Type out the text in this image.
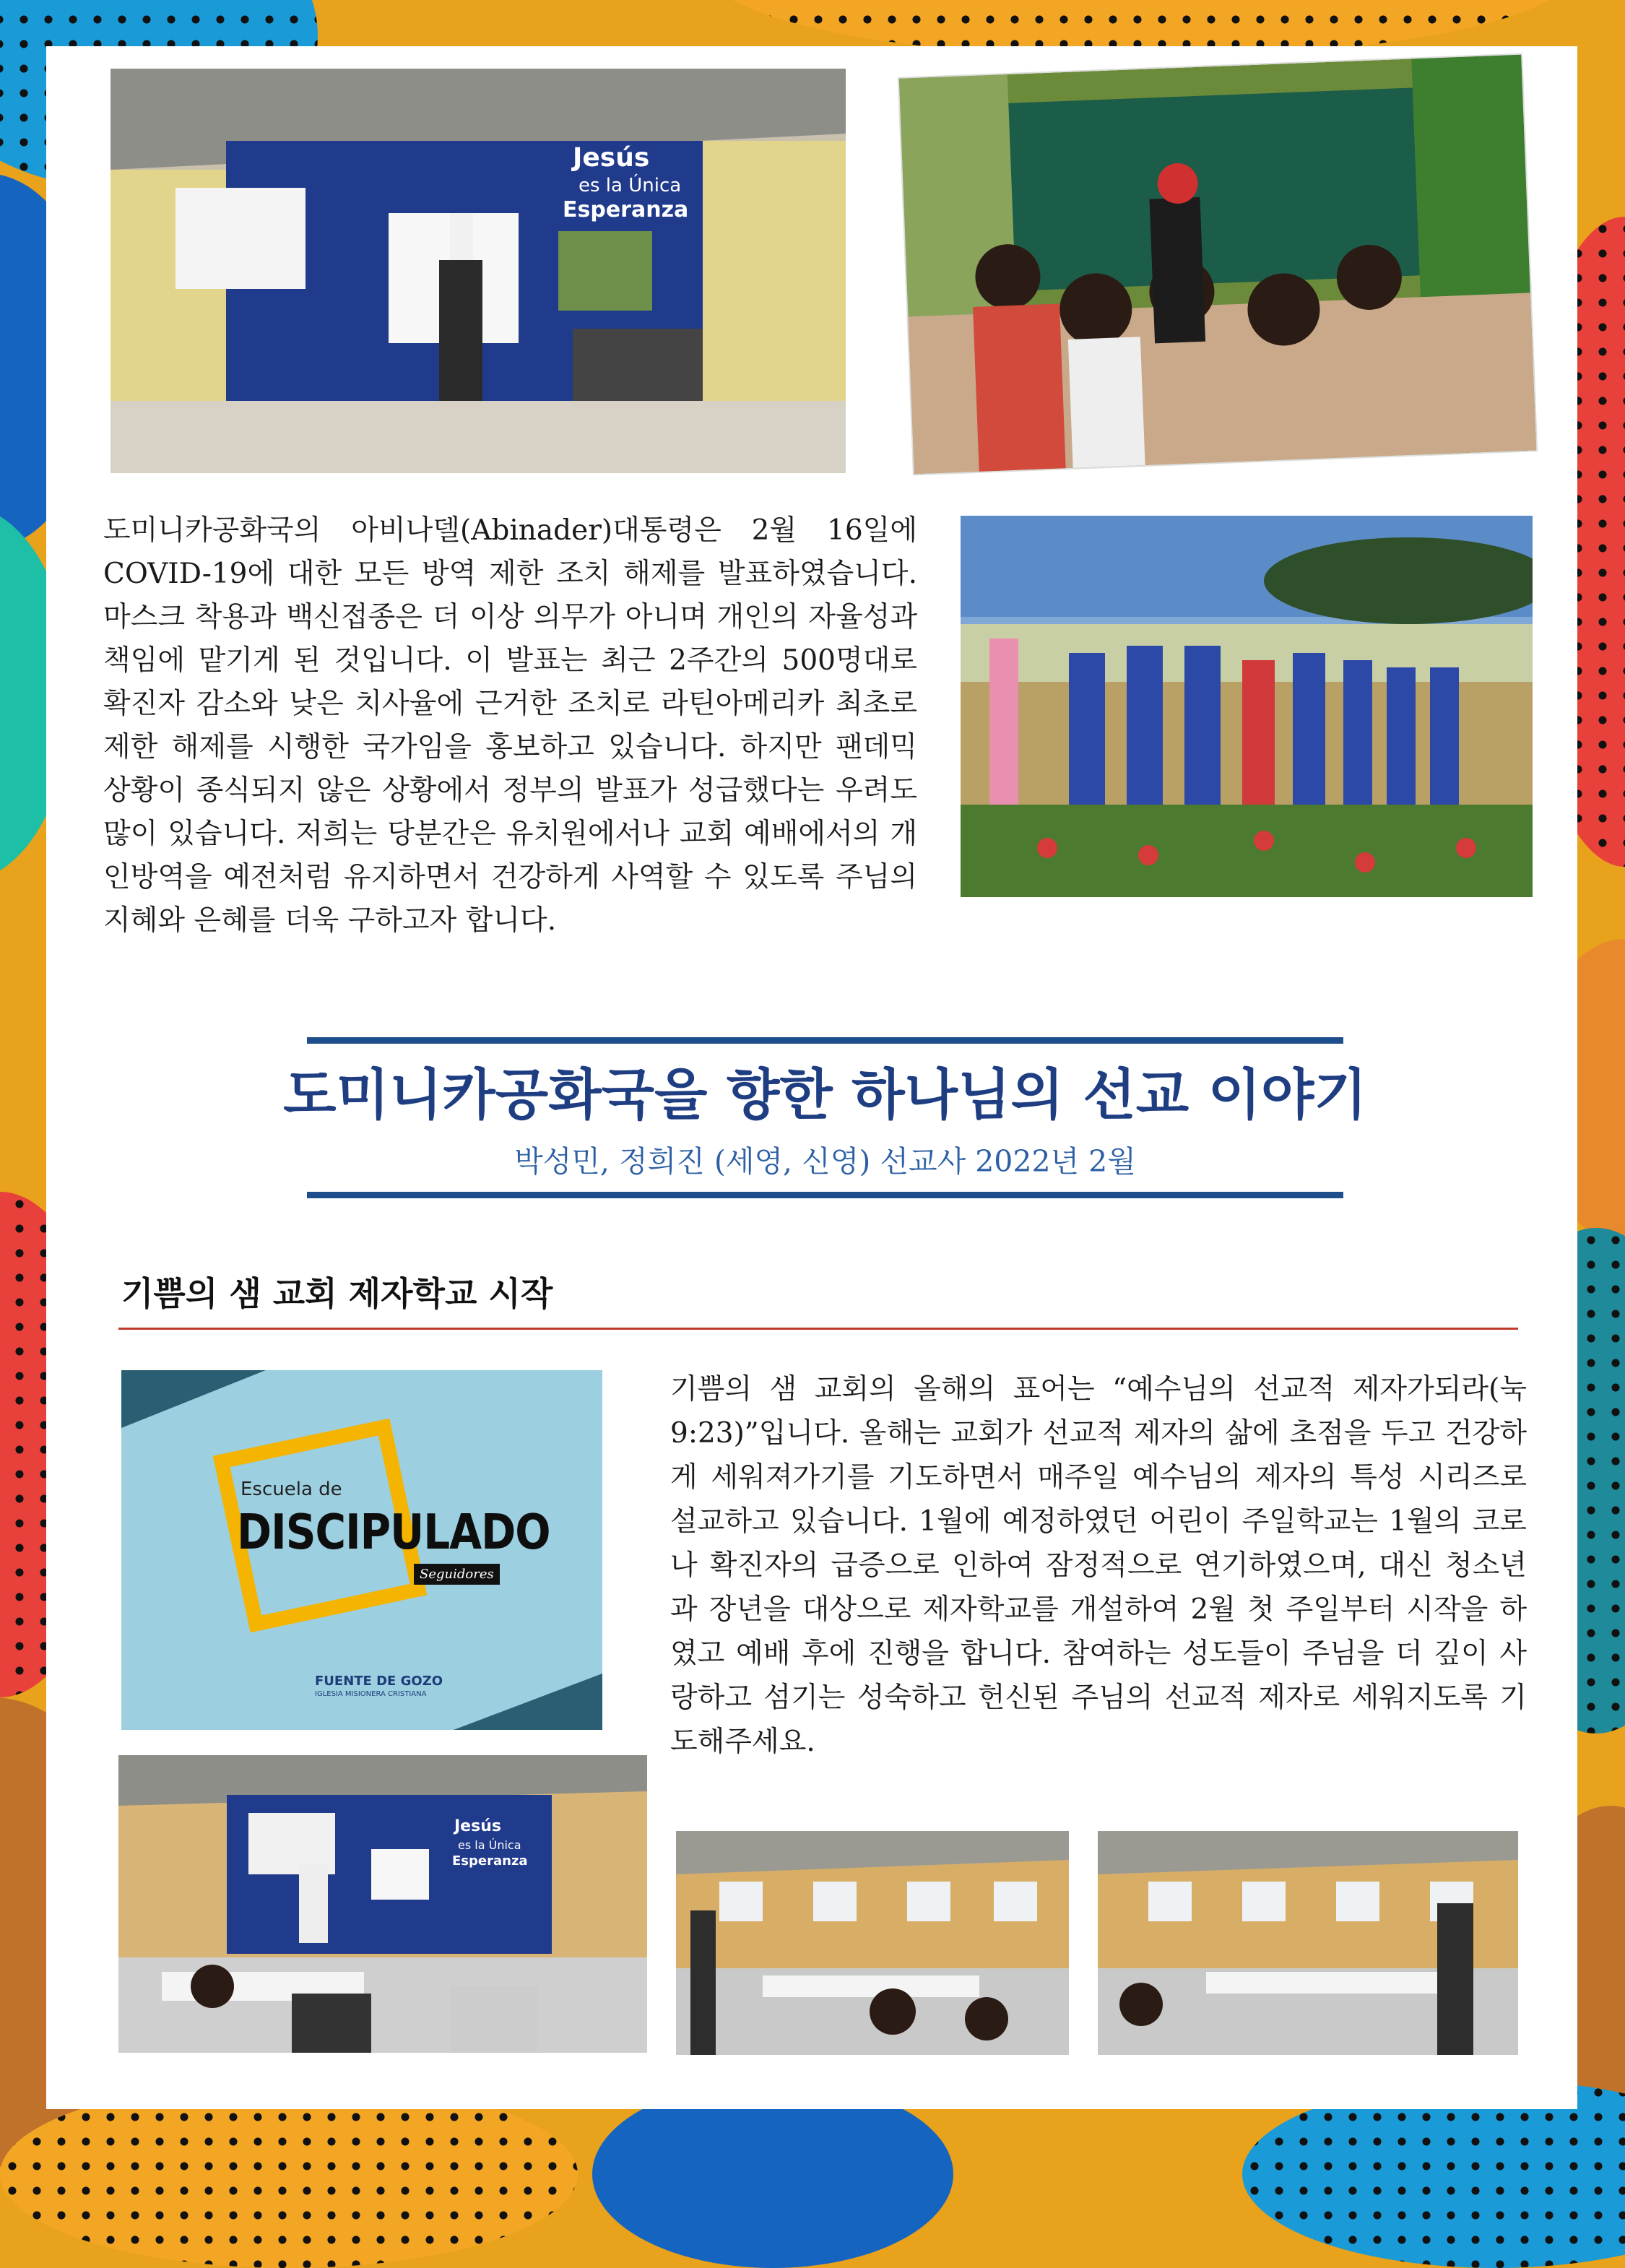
Jesús
es la Única
Esperanza

도미니카공화국의 아비나델(Abinader)대통령은 2월 16일에 COVID-19에 대한 모든 방역 제한 조치 해제를 발표하였습니다. 마스크 착용과 백신접종은 더 이상 의무가 아니며 개인의 자율성과 책임에 맡기게 된 것입니다. 이 발표는 최근 2주간의 500명대로 확진자 감소와 낮은 치사율에 근거한 조치로 라틴아메리카 최초로 제한 해제를 시행한 국가임을 홍보하고 있습니다. 하지만 팬데믹 상황이 종식되지 않은 상황에서 정부의 발표가 성급했다는 우려도 많이 있습니다. 저희는 당분간은 유치원에서나 교회 예배에서의 개인방역을 예전처럼 유지하면서 건강하게 사역할 수 있도록 주님의 지혜와 은혜를 더욱 구하고자 합니다.

도미니카공화국을 향한 하나님의 선교 이야기

박성민, 정희진 (세영, 신영) 선교사 2022년 2월

기쁨의 샘 교회 제자학교 시작
Escuela de
DISCIPULADO
Seguidores
FUENTE DE GOZO
IGLESIA MISIONERA CRISTIANA

기쁨의 샘 교회의 올해의 표어는 “예수님의 선교적 제자가되라(눅9:23)”입니다. 올해는 교회가 선교적 제자의 삶에 초점을 두고 건강하게 세워져가기를 기도하면서 매주일 예수님의 제자의 특성 시리즈로 설교하고 있습니다. 1월에 예정하였던 어린이 주일학교는 1월의 코로나 확진자의 급증으로 인하여 잠정적으로 연기하였으며, 대신 청소년과 장년을 대상으로 제자학교를 개설하여 2월 첫 주일부터 시작을 하였고 예배 후에 진행을 합니다. 참여하는 성도들이 주님을 더 깊이 사랑하고 섬기는 성숙하고 헌신된 주님의 선교적 제자로 세워지도록 기도해주세요.

Jesús
es la Única
Esperanza
